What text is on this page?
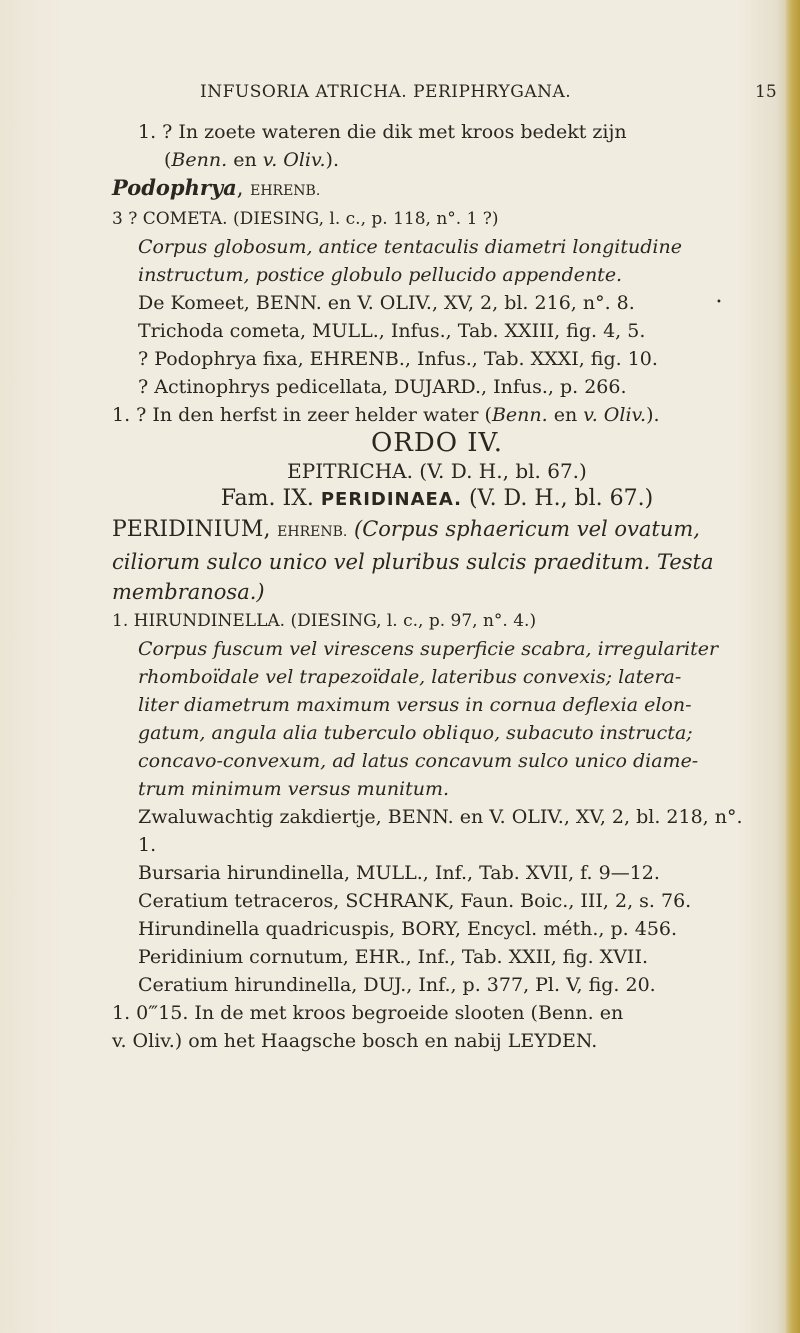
INFUSORIA ATRICHA. PERIPHRYGANA.	15
•

1. ? In zoete wateren die dik met kroos bedekt zijn
(Benn. en v. Oliv.).

Podophrya, EHRENB.

3 ? COMETA. (DIESING, l. c., p. 118, n°. 1 ?)

Corpus globosum, antice tentaculis diametri longitudine
instructum, postice globulo pellucido appendente.

De Komeet, BENN. en V. OLIV., XV, 2, bl. 216, n°. 8.
Trichoda cometa, MULL., Infus., Tab. XXIII, fig. 4, 5.
? Podophrya fixa, EHRENB., Infus., Tab. XXXI, fig. 10.
? Actinophrys pedicellata, DUJARD., Infus., p. 266.

1. ? In den herfst in zeer helder water (Benn. en v. Oliv.).

ORDO IV.

EPITRICHA. (V. D. H., bl. 67.)

Fam. IX. PERIDINAEA. (V. D. H., bl. 67.)

PERIDINIUM, EHRENB. (Corpus sphaericum vel ovatum,
ciliorum sulco unico vel pluribus sulcis praeditum. Testa
membranosa.)

1. HIRUNDINELLA. (DIESING, l. c., p. 97, n°. 4.)

Corpus fuscum vel virescens superficie scabra, irregulariter
rhomboïdale vel trapezoïdale, lateribus convexis; latera-
liter diametrum maximum versus in cornua deflexia elon-
gatum, angula alia tuberculo obliquo, subacuto instructa;
concavo-convexum, ad latus concavum sulco unico diame-
trum minimum versus munitum.

Zwaluwachtig zakdiertje, BENN. en V. OLIV., XV, 2, bl. 218, n°. 1.
Bursaria hirundinella, MULL., Inf., Tab. XVII, f. 9—12.
Ceratium tetraceros, SCHRANK, Faun. Boic., III, 2, s. 76.
Hirundinella quadricuspis, BORY, Encycl. méth., p. 456.
Peridinium cornutum, EHR., Inf., Tab. XXII, fig. XVII.
Ceratium hirundinella, DUJ., Inf., p. 377, Pl. V, fig. 20.

1. 0‴15. In de met kroos begroeide slooten (Benn. en
v. Oliv.) om het Haagsche bosch en nabij LEYDEN.
